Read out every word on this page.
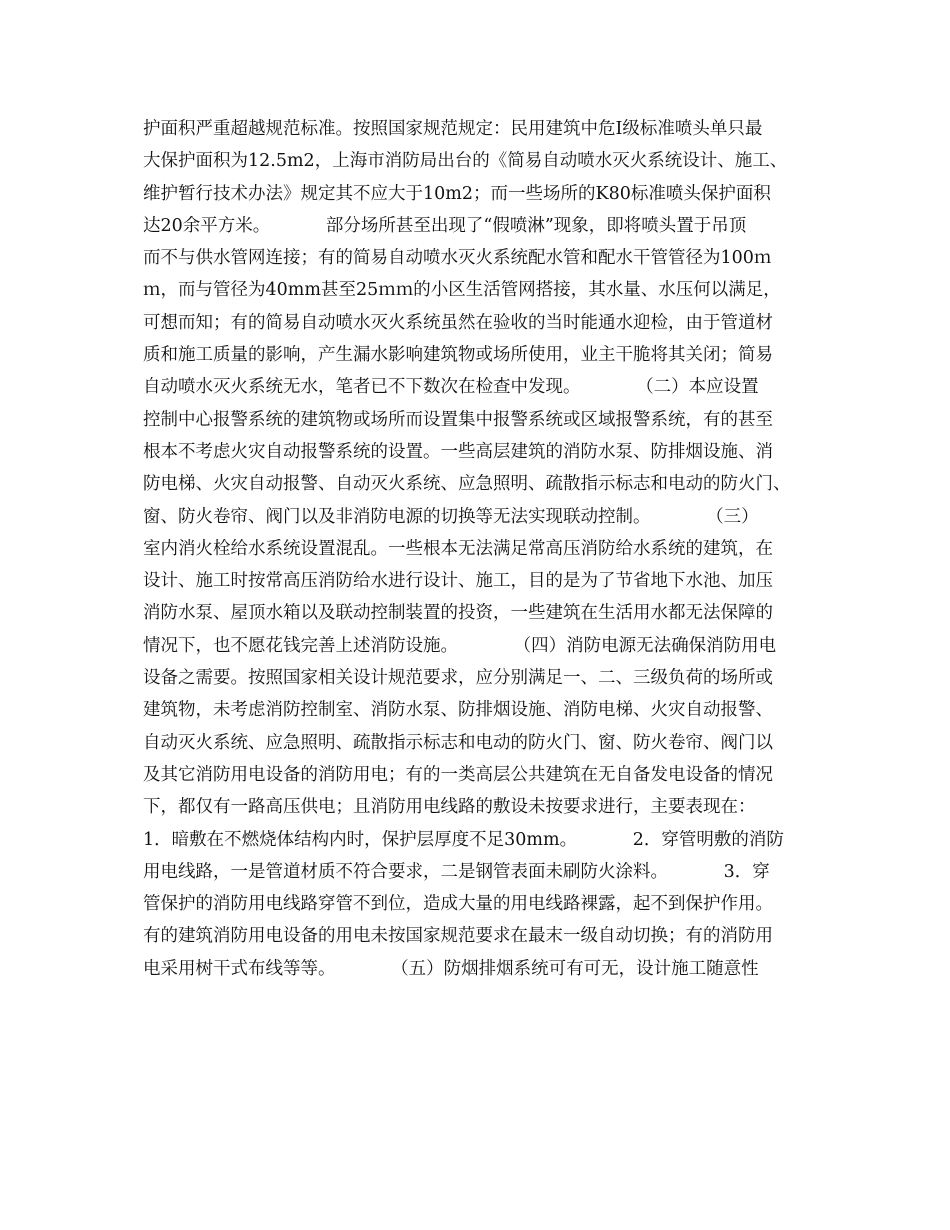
护面积严重超越规范标准。按照国家规范规定：民用建筑中危Ⅰ级标准喷头单只最
大保护面积为12.5m2，上海市消防局出台的《简易自动喷水灭火系统设计、施工、
维护暂行技术办法》规定其不应大于10m2；而一些场所的K80标准喷头保护面积
达20余平方米。          部分场所甚至出现了“假喷淋”现象，即将喷头置于吊顶
而不与供水管网连接；有的简易自动喷水灭火系统配水管和配水干管管径为100ｍ
ｍ，而与管径为40mm甚至25ｍｍ的小区生活管网搭接，其水量、水压何以满足，
可想而知；有的简易自动喷水灭火系统虽然在验收的当时能通水迎检，由于管道材
质和施工质量的影响，产生漏水影响建筑物或场所使用，业主干脆将其关闭；简易
自动喷水灭火系统无水，笔者已不下数次在检查中发现。          （二）本应设置
控制中心报警系统的建筑物或场所而设置集中报警系统或区域报警系统，有的甚至
根本不考虑火灾自动报警系统的设置。一些高层建筑的消防水泵、防排烟设施、消
防电梯、火灾自动报警、自动灭火系统、应急照明、疏散指示标志和电动的防火门、
窗、防火卷帘、阀门以及非消防电源的切换等无法实现联动控制。          （三）
室内消火栓给水系统设置混乱。一些根本无法满足常高压消防给水系统的建筑，在
设计、施工时按常高压消防给水进行设计、施工，目的是为了节省地下水池、加压
消防水泵、屋顶水箱以及联动控制装置的投资，一些建筑在生活用水都无法保障的
情况下，也不愿花钱完善上述消防设施。          （四）消防电源无法确保消防用电
设备之需要。按照国家相关设计规范要求，应分别满足一、二、三级负荷的场所或
建筑物，未考虑消防控制室、消防水泵、防排烟设施、消防电梯、火灾自动报警、
自动灭火系统、应急照明、疏散指示标志和电动的防火门、窗、防火卷帘、阀门以
及其它消防用电设备的消防用电；有的一类高层公共建筑在无自备发电设备的情况
下，都仅有一路高压供电；且消防用电线路的敷设未按要求进行，主要表现在：
1．暗敷在不燃烧体结构内时，保护层厚度不足30mm。          2．穿管明敷的消防
用电线路，一是管道材质不符合要求，二是钢管表面未刷防火涂料。          3．穿
管保护的消防用电线路穿管不到位，造成大量的用电线路裸露，起不到保护作用。
有的建筑消防用电设备的用电未按国家规范要求在最末一级自动切换；有的消防用
电采用树干式布线等等。          （五）防烟排烟系统可有可无，设计施工随意性
